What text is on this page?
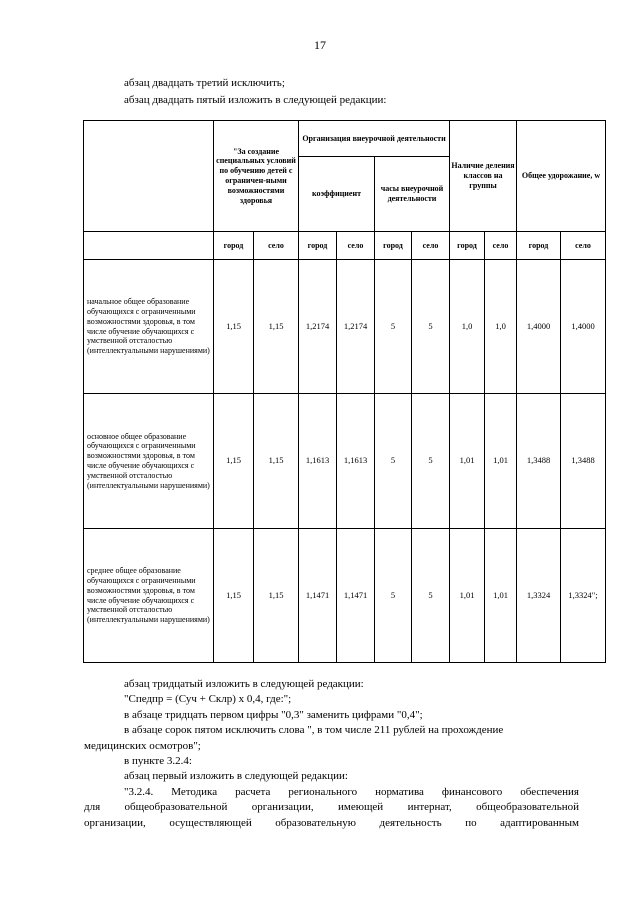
17
абзац двадцать третий исключить;
абзац двадцать пятый изложить в следующей редакции:
	"За создание специальных условий по обучению детей с ограничен-ными возможностями здоровья		Организация внеурочной деятельности				Наличие деления классов на группы		Общее удорожание, w	
			коэффициент		часы внеурочной деятельности					
	город	село	город	село	город	село	город	село	город	село
начальное общее образование обучающихся с ограниченными возможностями здоровья, в том числе обучение обучающихся с умственной отсталостью (интеллектуальными нарушениями)	1,15	1,15	1,2174	1,2174	5	5	1,0	1,0	1,4000	1,4000
основное общее образование обучающихся с ограниченными возможностями здоровья, в том числе обучение обучающихся с умственной отсталостью (интеллектуальными нарушениями)	1,15	1,15	1,1613	1,1613	5	5	1,01	1,01	1,3488	1,3488
среднее общее образование обучающихся с ограниченными возможностями здоровья, в том числе обучение обучающихся с умственной отсталостью (интеллектуальными нарушениями)	1,15	1,15	1,1471	1,1471	5	5	1,01	1,01	1,3324	1,3324";

абзац тридцатый изложить в следующей редакции:

"Спедпр = (Суч + Склр) x 0,4, где:";

в абзаце тридцать первом цифры "0,3" заменить цифрами "0,4";

в абзаце сорок пятом исключить слова ", в том числе 211 рублей на прохождение

медицинских осмотров";

в пункте 3.2.4:

абзац первый изложить в следующей редакции:

"3.2.4. Методика расчета регионального норматива финансового обеспечения

для общеобразовательной организации, имеющей интернат, общеобразовательной

организации, осуществляющей образовательную деятельность по адаптированным
